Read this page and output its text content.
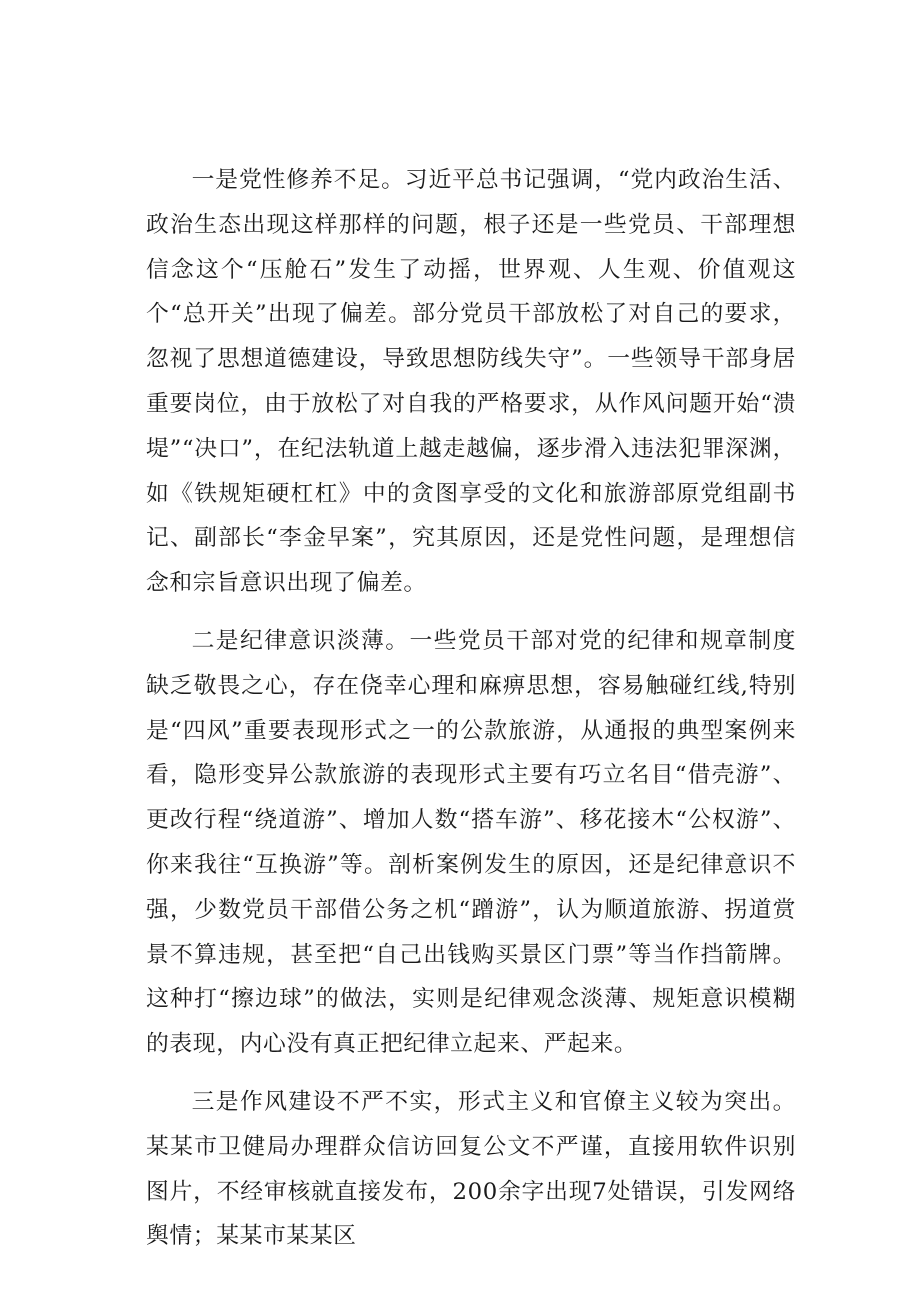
一是党性修养不足。习近平总书记强调，“党内政治生活、政治生态出现这样那样的问题，根子还是一些党员、干部理想信念这个“压舱石”发生了动摇，世界观、人生观、价值观这个“总开关”出现了偏差。部分党员干部放松了对自己的要求，忽视了思想道德建设，导致思想防线失守”。一些领导干部身居重要岗位，由于放松了对自我的严格要求，从作风问题开始“溃堤”“决口”，在纪法轨道上越走越偏，逐步滑入违法犯罪深渊，如《铁规矩硬杠杠》中的贪图享受的文化和旅游部原党组副书记、副部长“李金早案”，究其原因，还是党性问题，是理想信念和宗旨意识出现了偏差。

二是纪律意识淡薄。一些党员干部对党的纪律和规章制度缺乏敬畏之心，存在侥幸心理和麻痹思想，容易触碰红线,特别是“四风”重要表现形式之一的公款旅游，从通报的典型案例来看，隐形变异公款旅游的表现形式主要有巧立名目“借壳游”、更改行程“绕道游”、增加人数“搭车游”、移花接木“公权游”、你来我往“互换游”等。剖析案例发生的原因，还是纪律意识不强，少数党员干部借公务之机“蹭游”，认为顺道旅游、拐道赏景不算违规，甚至把“自己出钱购买景区门票”等当作挡箭牌。这种打“擦边球”的做法，实则是纪律观念淡薄、规矩意识模糊的表现，内心没有真正把纪律立起来、严起来。

三是作风建设不严不实，形式主义和官僚主义较为突出。某某市卫健局办理群众信访回复公文不严谨，直接用软件识别图片，不经审核就直接发布，200余字出现7处错误，引发网络舆情；某某市某某区
